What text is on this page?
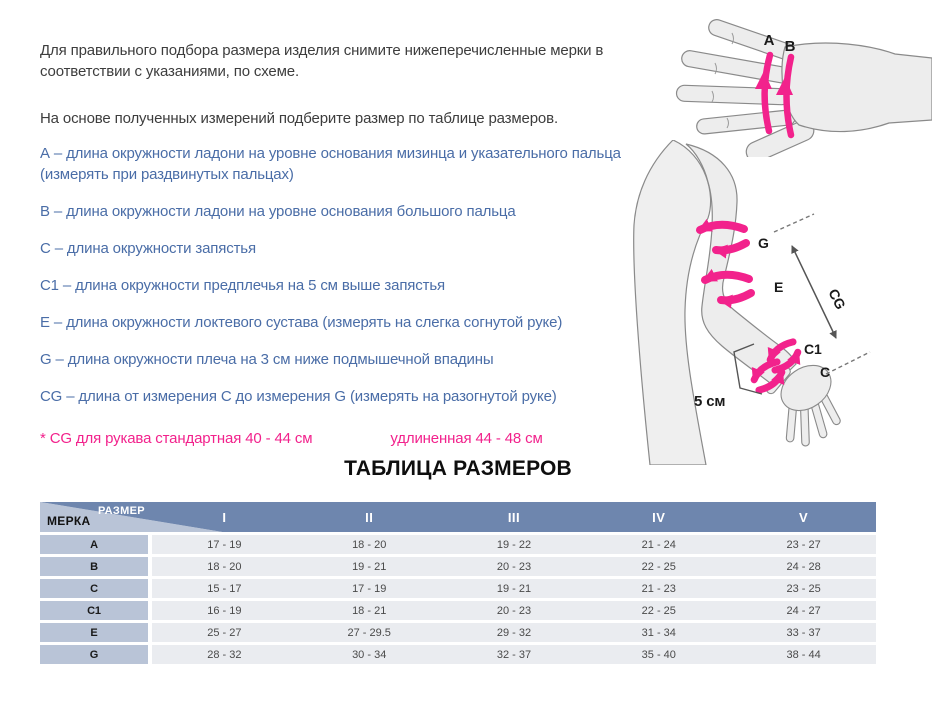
Для правильного подбора размера изделия снимите нижеперечисленные мерки в соответствии с указаниями, по схеме.
На основе полученных измерений подберите размер по таблице размеров.
А – длина окружности ладони на уровне основания мизинца и указательного пальца (измерять при раздвинутых пальцах)
В – длина окружности ладони на уровне основания большого пальца
С – длина окружности запястья
С1 – длина окружности предплечья на 5 см выше запястья
Е – длина окружности локтевого сустава (измерять на слегка согнутой руке)
G – длина окружности плеча на 3 см ниже подмышечной впадины
CG – длина от измерения С до измерения G (измерять на разогнутой руке)
* CG для рукава стандартная 40 - 44 см	удлиненная 44 - 48 см
ТАБЛИЦА РАЗМЕРОВ
РАЗМЕР
МЕРКА	I	II	III	IV	V
A	17 - 19	18 - 20	19 - 22	21 - 24	23 - 27
B	18 - 20	19 - 21	20 - 23	22 - 25	24 - 28
C	15 - 17	17 - 19	19 - 21	21 - 23	23 - 25
C1	16 - 19	18 - 21	20 - 23	22 - 25	24 - 27
E	25 - 27	27 - 29.5	29 - 32	31 - 34	33 - 37
G	28 - 32	30 - 34	32 - 37	35 - 40	38 - 44
A B
G
E
C1
C
CG
5 см
